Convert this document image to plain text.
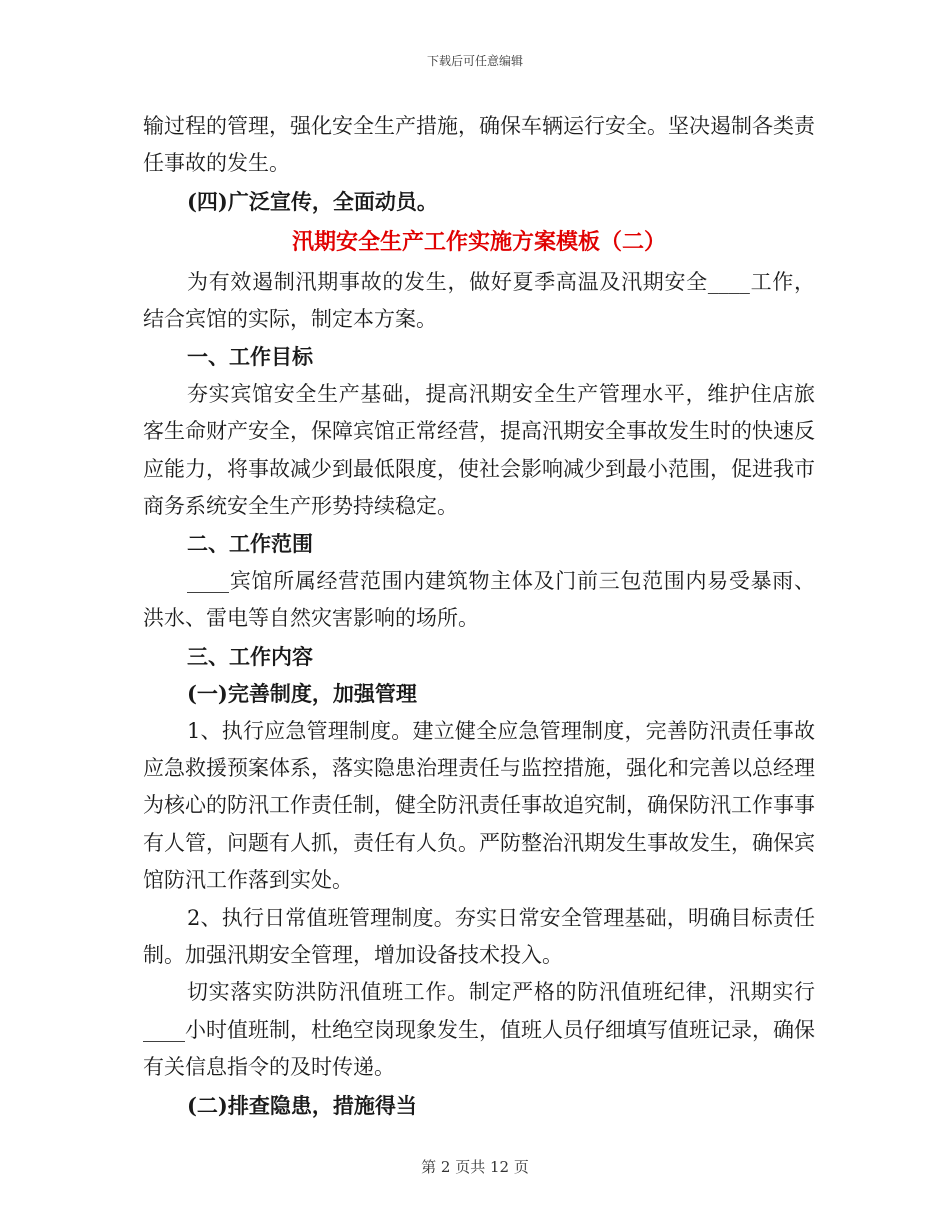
下载后可任意编辑

输过程的管理，强化安全生产措施，确保车辆运行安全。坚决遏制各类责任事故的发生。

(四)广泛宣传，全面动员。

汛期安全生产工作实施方案模板（二）

为有效遏制汛期事故的发生，做好夏季高温及汛期安全____工作，结合宾馆的实际，制定本方案。

一、工作目标

夯实宾馆安全生产基础，提高汛期安全生产管理水平，维护住店旅客生命财产安全，保障宾馆正常经营，提高汛期安全事故发生时的快速反应能力，将事故减少到最低限度，使社会影响减少到最小范围，促进我市商务系统安全生产形势持续稳定。

二、工作范围

____宾馆所属经营范围内建筑物主体及门前三包范围内易受暴雨、洪水、雷电等自然灾害影响的场所。

三、工作内容

(一)完善制度，加强管理

1、执行应急管理制度。建立健全应急管理制度，完善防汛责任事故应急救援预案体系，落实隐患治理责任与监控措施，强化和完善以总经理为核心的防汛工作责任制，健全防汛责任事故追究制，确保防汛工作事事有人管，问题有人抓，责任有人负。严防整治汛期发生事故发生，确保宾馆防汛工作落到实处。

2、执行日常值班管理制度。夯实日常安全管理基础，明确目标责任制。加强汛期安全管理，增加设备技术投入。

切实落实防洪防汛值班工作。制定严格的防汛值班纪律，汛期实行____小时值班制，杜绝空岗现象发生，值班人员仔细填写值班记录，确保有关信息指令的及时传递。

(二)排查隐患，措施得当

第 2 页共 12 页
